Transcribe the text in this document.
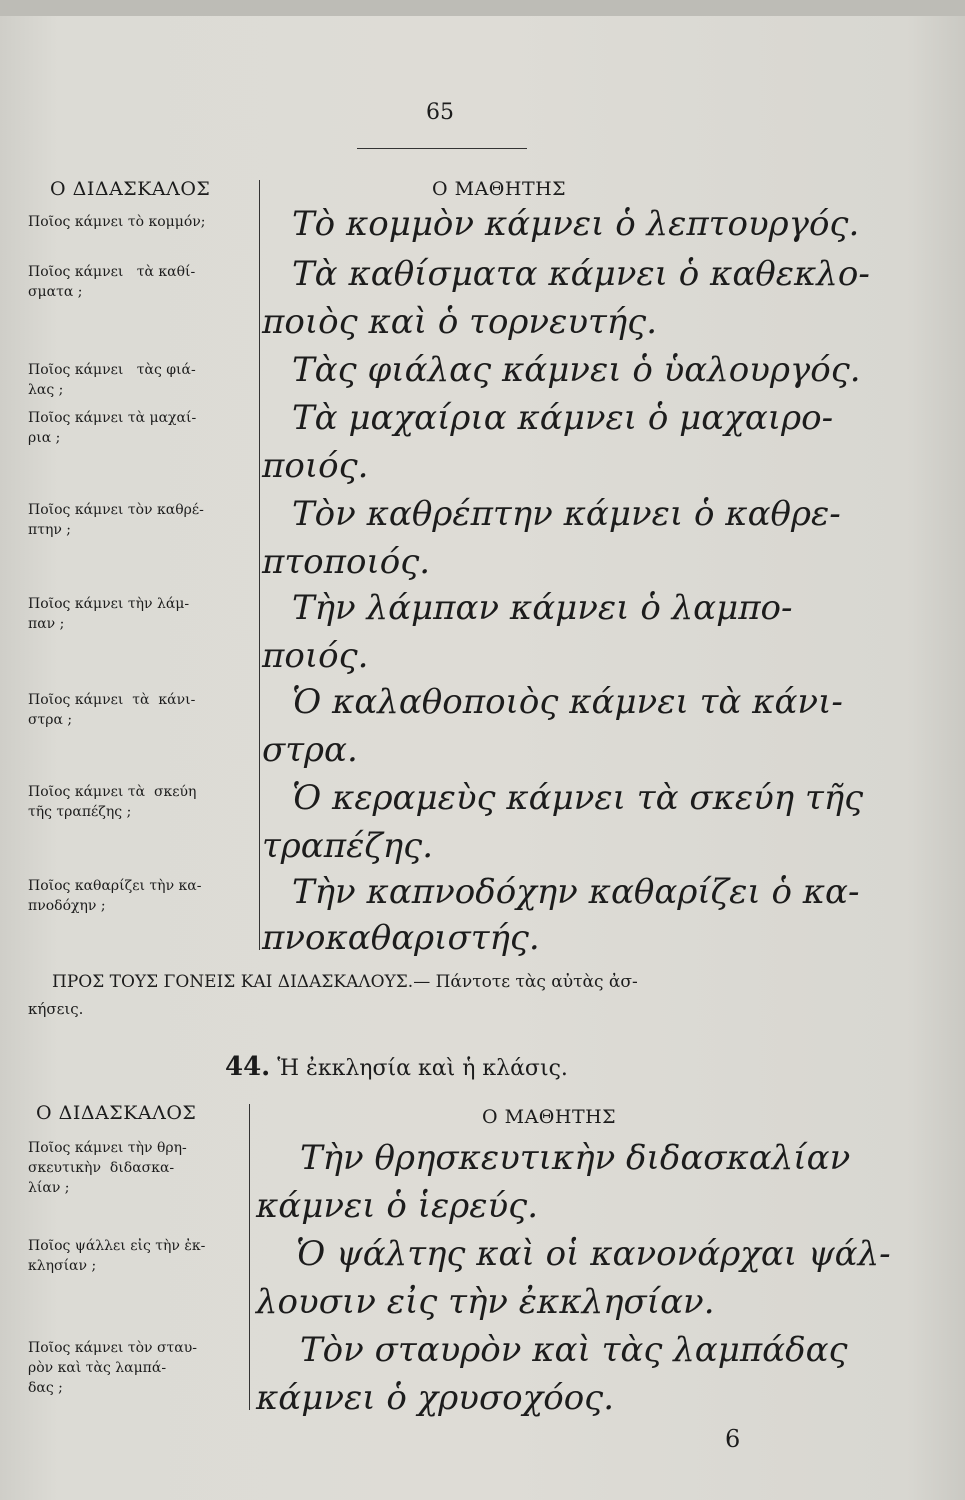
65
Ο ΔΙΔΑΣΚΑΛΟΣ	Ο ΜΑΘΗΤΗΣ
Ποῖος κάμνει τὸ κομμόν;
Ποῖος κάμνει   τὰ καθί-
σματα ;
Ποῖος κάμνει   τὰς φιά-
λας ;
Ποῖος κάμνει τὰ μαχαί-
ρια ;
Ποῖος κάμνει τὸν καθρέ-
πτην ;
Ποῖος κάμνει τὴν λάμ-
παν ;
Ποῖος κάμνει  τὰ  κάνι-
στρα ;
Ποῖος κάμνει τὰ  σκεύη
τῆς τραπέζης ;
Ποῖος καθαρίζει τὴν κα-
πνοδόχην ;
Τὸ κομμὸν κάμνει ὁ λεπτουργός.
Τὰ καθίσματα κάμνει ὁ καθεκλο-
ποιὸς καὶ ὁ τορνευτής.
Τὰς φιάλας κάμνει ὁ ὑαλουργός.
Τὰ μαχαίρια κάμνει ὁ μαχαιρο-
ποιός.
Τὸν καθρέπτην κάμνει ὁ καθρε-
πτοποιός.
Τὴν λάμπαν κάμνει ὁ λαμπο-
ποιός.
Ὁ καλαθοποιὸς κάμνει τὰ κάνι-
στρα.
Ὁ κεραμεὺς κάμνει τὰ σκεύη τῆς
τραπέζης.
Τὴν καπνοδόχην καθαρίζει ὁ κα-
πνοκαθαριστής.
ΠΡΟΣ ΤΟΥΣ ΓΟΝΕΙΣ ΚΑΙ ΔΙΔΑΣΚΑΛΟΥΣ.— Πάντοτε τὰς αὐτὰς ἀσ-
κήσεις.
44. Ἡ ἐκκλησία καὶ ἡ κλάσις.
Ο ΔΙΔΑΣΚΑΛΟΣ	Ο ΜΑΘΗΤΗΣ
Ποῖος κάμνει τὴν θρη-
σκευτικὴν  διδασκα-
λίαν ;
Ποῖος ψάλλει εἰς τὴν ἐκ-
κλησίαν ;
Ποῖος κάμνει τὸν σταυ-
ρὸν καὶ τὰς λαμπά-
δας ;
Τὴν θρησκευτικὴν διδασκαλίαν
κάμνει ὁ ἱερεύς.
Ὁ ψάλτης καὶ οἱ κανονάρχαι ψάλ-
λουσιν εἰς τὴν ἐκκλησίαν.
Τὸν σταυρὸν καὶ τὰς λαμπάδας
κάμνει ὁ χρυσοχόος.
6
